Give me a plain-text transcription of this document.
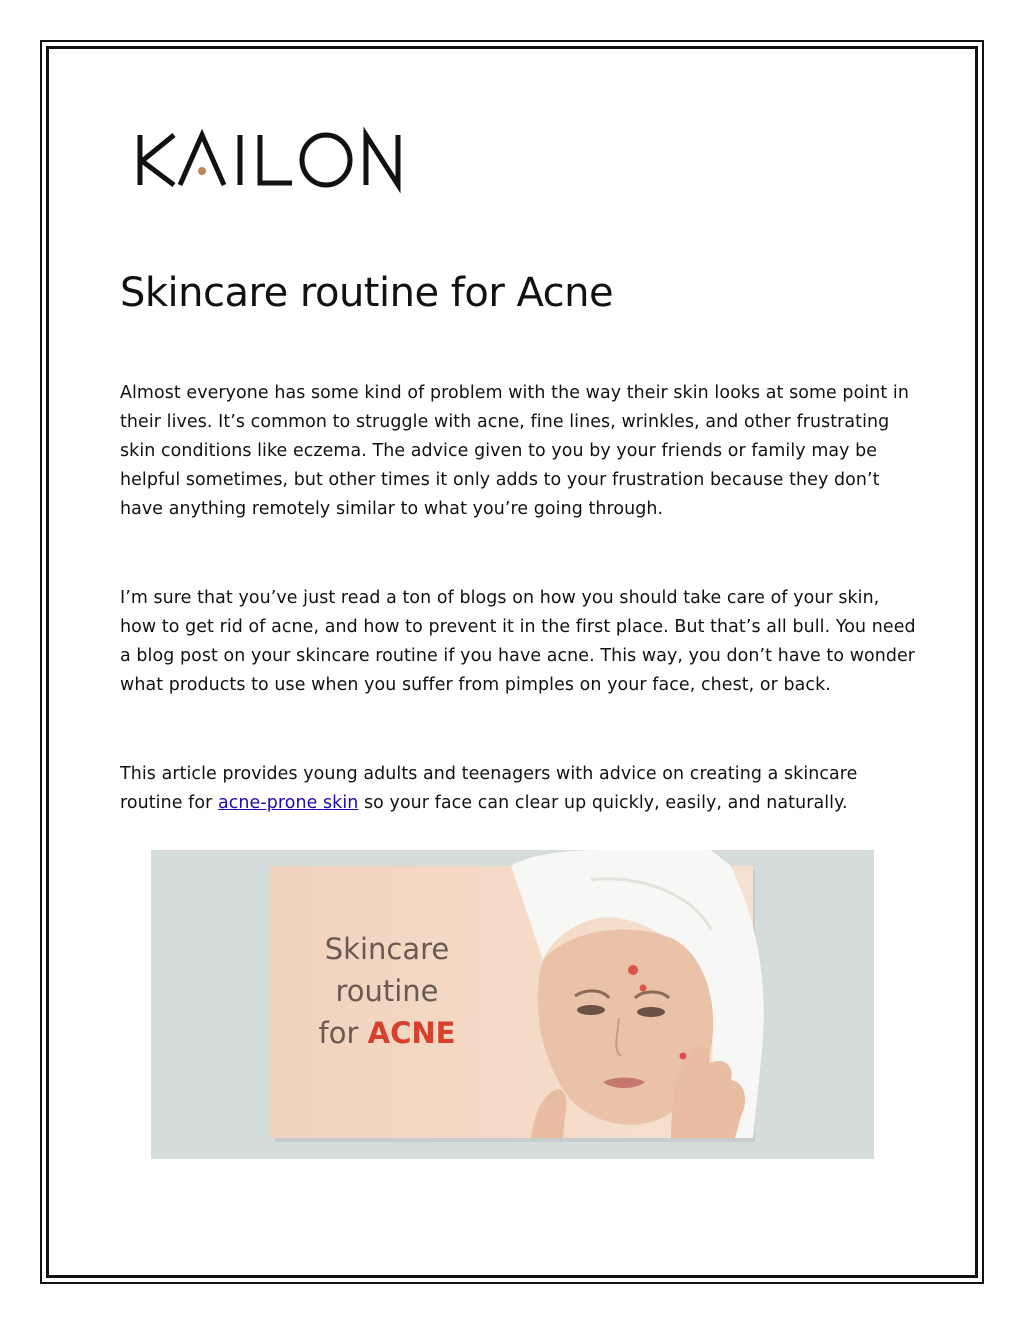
Skincare routine for Acne

Almost everyone has some kind of problem with the way their skin looks at some point in their lives. It’s common to struggle with acne, fine lines, wrinkles, and other frustrating skin conditions like eczema. The advice given to you by your friends or family may be helpful sometimes, but other times it only adds to your frustration because they don’t have anything remotely similar to what you’re going through.

I’m sure that you’ve just read a ton of blogs on how you should take care of your skin, how to get rid of acne, and how to prevent it in the first place. But that’s all bull. You need a blog post on your skincare routine if you have acne. This way, you don’t have to wonder what products to use when you suffer from pimples on your face, chest, or back.

This article provides young adults and teenagers with advice on creating a skincare routine for acne-prone skin so your face can clear up quickly, easily, and naturally.

Skincare
routine
for ACNE
